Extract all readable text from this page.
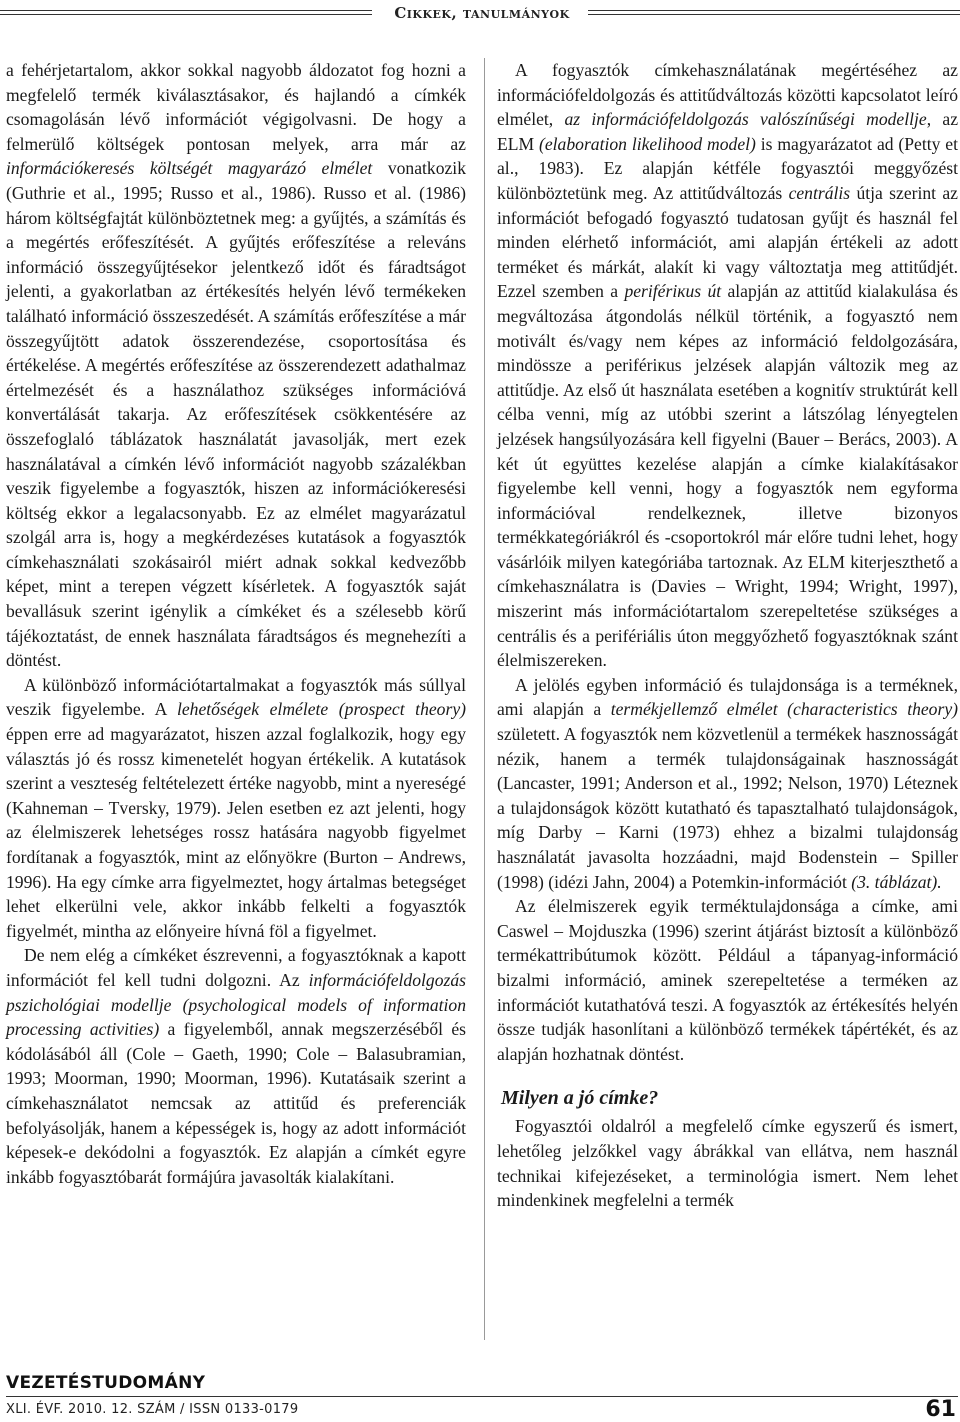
Cikkek, tanulmányok

a fehérjetartalom, akkor sokkal nagyobb áldozatot fog hozni a megfelelő termék kiválasztásakor, és hajlandó a címkék csomagolásán lévő információt végigolvasni. De hogy a felmerülő költségek pontosan melyek, arra már az információkeresés költségét magyarázó elmélet vonatkozik (Guthrie et al., 1995; Russo et al., 1986). Russo et al. (1986) három költségfajtát különböztetnek meg: a gyűjtés, a számítás és a megértés erőfeszítését. A gyűjtés erőfeszítése a releváns információ összegyűjtésekor jelentkező időt és fáradtságot jelenti, a gyakorlatban az értékesítés helyén lévő termékeken található információ összeszedését. A számítás erőfeszítése a már összegyűjtött adatok összerendezése, csoportosítása és értékelése. A megértés erőfeszítése az összerendezett adathalmaz értelmezését és a használathoz szükséges információvá konvertálását takarja. Az erőfeszítések csökkentésére az összefoglaló táblázatok használatát javasolják, mert ezek használatával a címkén lévő információt nagyobb százalékban veszik figyelembe a fogyasztók, hiszen az információkeresési költség ekkor a legalacsonyabb. Ez az elmélet magyarázatul szolgál arra is, hogy a megkérdezéses kutatások a fogyasztók címkehasználati szokásairól miért adnak sokkal kedvezőbb képet, mint a terepen végzett kísérletek. A fogyasztók saját bevallásuk szerint igénylik a címkéket és a szélesebb körű tájékoztatást, de ennek használata fáradtságos és megnehezíti a döntést.

A különböző információtartalmakat a fogyasztók más súllyal veszik figyelembe. A lehetőségek elmélete (prospect theory) éppen erre ad magyarázatot, hiszen azzal foglalkozik, hogy egy választás jó és rossz kimenetelét hogyan értékelik. A kutatások szerint a veszteség feltételezett értéke nagyobb, mint a nyereségé (Kahneman – Tversky, 1979). Jelen esetben ez azt jelenti, hogy az élelmiszerek lehetséges rossz hatására nagyobb figyelmet fordítanak a fogyasztók, mint az előnyökre (Burton – Andrews, 1996). Ha egy címke arra figyelmeztet, hogy ártalmas betegséget lehet elkerülni vele, akkor inkább felkelti a fogyasztók figyelmét, mintha az előnyeire hívná föl a figyelmet.

De nem elég a címkéket észrevenni, a fogyasztóknak a kapott információt fel kell tudni dolgozni. Az információfeldolgozás pszichológiai modellje (psychological models of information processing activities) a figyelemből, annak megszerzéséből és kódolásából áll (Cole – Gaeth, 1990; Cole – Balasubramian, 1993; Moorman, 1990; Moorman, 1996). Kutatásaik szerint a címkehasználatot nemcsak az attitűd és preferenciák befolyásolják, hanem a képességek is, hogy az adott információt képesek-e dekódolni a fogyasztók. Ez alapján a címkét egyre inkább fogyasztóbarát formájúra javasolták kialakítani.

A fogyasztók címkehasználatának megértéséhez az információfeldolgozás és attitűdváltozás közötti kapcsolatot leíró elmélet, az információfeldolgozás valószínűségi modellje, az ELM (elaboration likelihood model) is magyarázatot ad (Petty et al., 1983). Ez alapján kétféle fogyasztói meggyőzést különböztetünk meg. Az attitűdváltozás centrális útja szerint az információt befogadó fogyasztó tudatosan gyűjt és használ fel minden elérhető információt, ami alapján értékeli az adott terméket és márkát, alakít ki vagy változtatja meg attitűdjét. Ezzel szemben a perifériкus út alapján az attitűd kialakulása és megváltozása átgondolás nélkül történik, a fogyasztó nem motivált és/vagy nem képes az információ feldolgozására, mindössze a perifériкus jelzések alapján változik meg az attitűdje. Az első út használata esetében a kognitív struktúrát kell célba venni, míg az utóbbi szerint a látszólag lényegtelen jelzések hangsúlyozására kell figyelni (Bauer – Berács, 2003). A két út együttes kezelése alapján a címke kialakításakor figyelembe kell venni, hogy a fogyasztók nem egyforma információval rendelkeznek, illetve bizonyos termékkategóriákról és -csoportokról már előre tudni lehet, hogy vásárlóik milyen kategóriába tartoznak. Az ELM kiterjeszthető a címkehasználatra is (Davies – Wright, 1994; Wright, 1997), miszerint más információtartalom szerepeltetése szükséges a centrális és a perifériális úton meggyőzhető fogyasztóknak szánt élelmiszereken.

A jelölés egyben információ és tulajdonsága is a terméknek, ami alapján a termékjellemző elmélet (characteristics theory) született. A fogyasztók nem közvetlenül a termékek hasznosságát nézik, hanem a termék tulajdonságainak hasznosságát (Lancaster, 1991; Anderson et al., 1992; Nelson, 1970) Léteznek a tulajdonságok között kutatható és tapasztalható tulajdonságok, míg Darby – Karni (1973) ehhez a bizalmi tulajdonság használatát javasolta hozzáadni, majd Bodenstein – Spiller (1998) (idézi Jahn, 2004) a Potemkin-információt (3. táblázat).

Az élelmiszerek egyik terméktulajdonsága a címke, ami Caswel – Mojduszka (1996) szerint átjárást biztosít a különböző termékattribútumok között. Például a tápanyag-információ bizalmi információ, aminek szerepeltetése a terméken az információt kutathatóvá teszi. A fogyasztók az értékesítés helyén össze tudják hasonlítani a különböző termékek tápértékét, és az alapján hozhatnak döntést.

Milyen a jó címke?

Fogyasztói oldalról a megfelelő címke egyszerű és ismert, lehetőleg jelzőkkel vagy ábrákkal van ellátva, nem használ technikai kifejezéseket, a terminológia ismert. Nem lehet mindenkinek megfelelni a termék

VEZETÉSTUDOMÁNY
XLI. ÉVF. 2010. 12. SZÁM / ISSN 0133-0179	61
